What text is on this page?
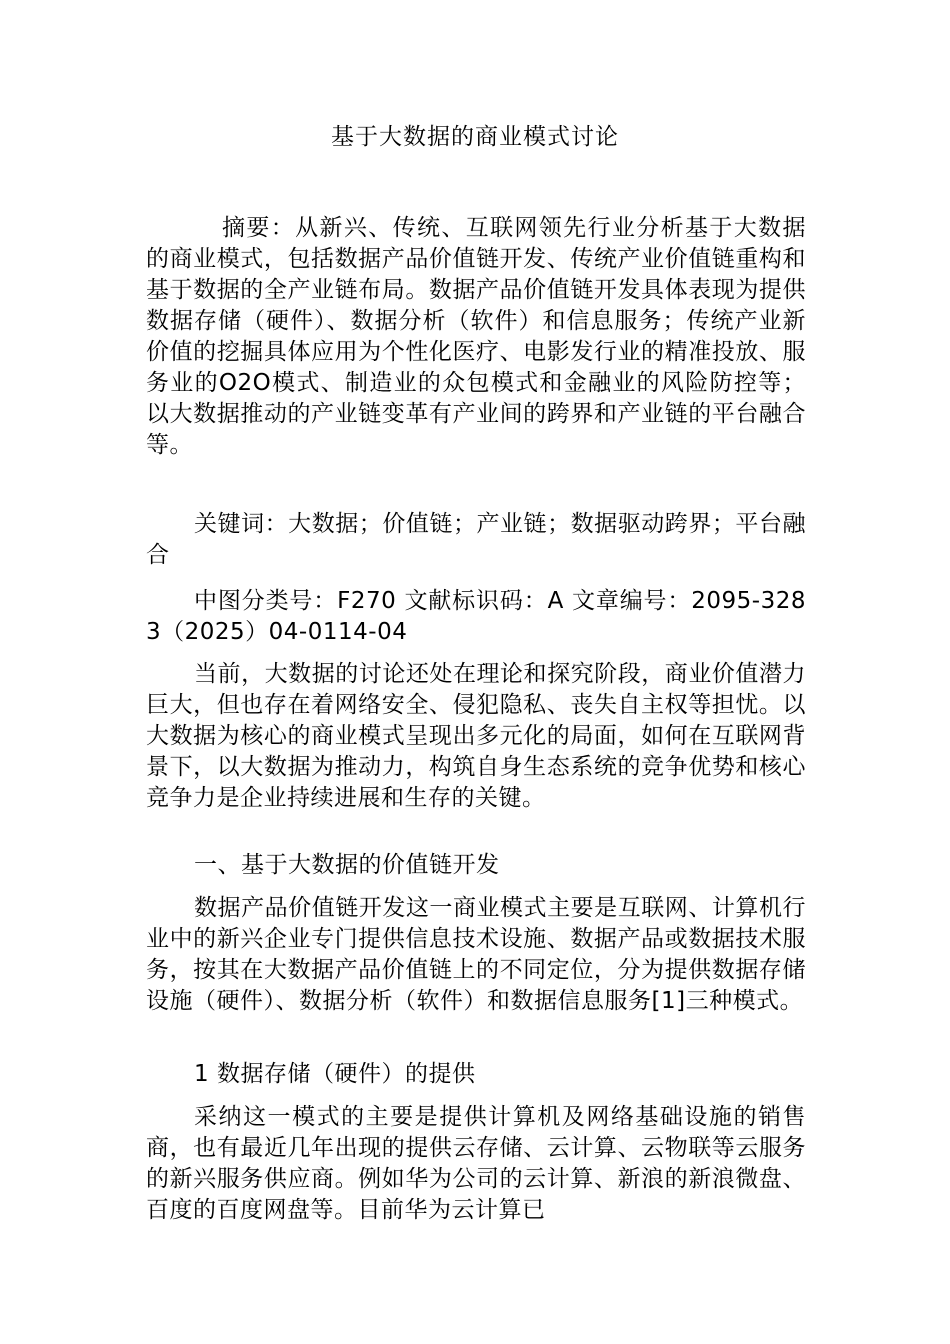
基于大数据的商业模式讨论

摘要：从新兴、传统、互联网领先行业分析基于大数据的商业模式，包括数据产品价值链开发、传统产业价值链重构和基于数据的全产业链布局。数据产品价值链开发具体表现为提供数据存储（硬件）、数据分析（软件）和信息服务；传统产业新价值的挖掘具体应用为个性化医疗、电影发行业的精准投放、服务业的O2O模式、制造业的众包模式和金融业的风险防控等；以大数据推动的产业链变革有产业间的跨界和产业链的平台融合等。

关键词：大数据；价值链；产业链；数据驱动跨界；平台融合

中图分类号：F270 文献标识码：A 文章编号：2095-3283（2025）04-0114-04

当前，大数据的讨论还处在理论和探究阶段，商业价值潜力巨大，但也存在着网络安全、侵犯隐私、丧失自主权等担忧。以大数据为核心的商业模式呈现出多元化的局面，如何在互联网背景下，以大数据为推动力，构筑自身生态系统的竞争优势和核心竞争力是企业持续进展和生存的关键。

一、基于大数据的价值链开发

数据产品价值链开发这一商业模式主要是互联网、计算机行业中的新兴企业专门提供信息技术设施、数据产品或数据技术服务，按其在大数据产品价值链上的不同定位，分为提供数据存储设施（硬件）、数据分析（软件）和数据信息服务[1]三种模式。

1 数据存储（硬件）的提供

采纳这一模式的主要是提供计算机及网络基础设施的销售商，也有最近几年出现的提供云存储、云计算、云物联等云服务的新兴服务供应商。例如华为公司的云计算、新浪的新浪微盘、百度的百度网盘等。目前华为云计算已
